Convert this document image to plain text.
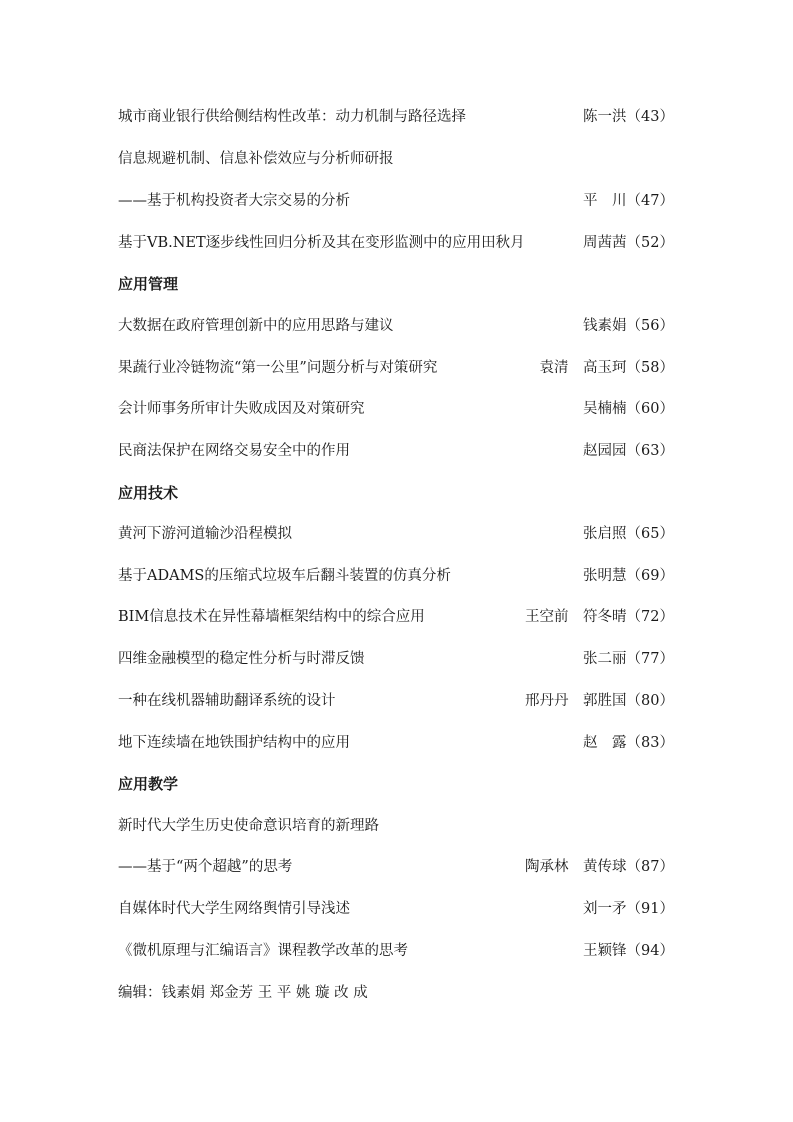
城市商业银行供给侧结构性改革：动力机制与路径选择	陈一洪（43）
信息规避机制、信息补偿效应与分析师研报
——基于机构投资者大宗交易的分析	平　川（47）
基于VB.NET逐步线性回归分析及其在变形监测中的应用田秋月	周茜茜（52）
应用管理
大数据在政府管理创新中的应用思路与建议	钱素娟（56）
果蔬行业冷链物流“第一公里”问题分析与对策研究	袁清　高玉珂（58）
会计师事务所审计失败成因及对策研究	吴楠楠（60）
民商法保护在网络交易安全中的作用	赵园园（63）
应用技术
黄河下游河道输沙沿程模拟	张启照（65）
基于ADAMS的压缩式垃圾车后翻斗装置的仿真分析	张明慧（69）
BIM信息技术在异性幕墙框架结构中的综合应用	王空前　符冬晴（72）
四维金融模型的稳定性分析与时滞反馈	张二丽（77）
一种在线机器辅助翻译系统的设计	邢丹丹　郭胜国（80）
地下连续墙在地铁围护结构中的应用	赵　露（83）
应用教学
新时代大学生历史使命意识培育的新理路
——基于“两个超越”的思考	陶承林　黄传球（87）
自媒体时代大学生网络舆情引导浅述	刘一矛（91）
《微机原理与汇编语言》课程教学改革的思考	王颖锋（94）
编辑：钱素娟 郑金芳 王 平 姚 璇 改 成
